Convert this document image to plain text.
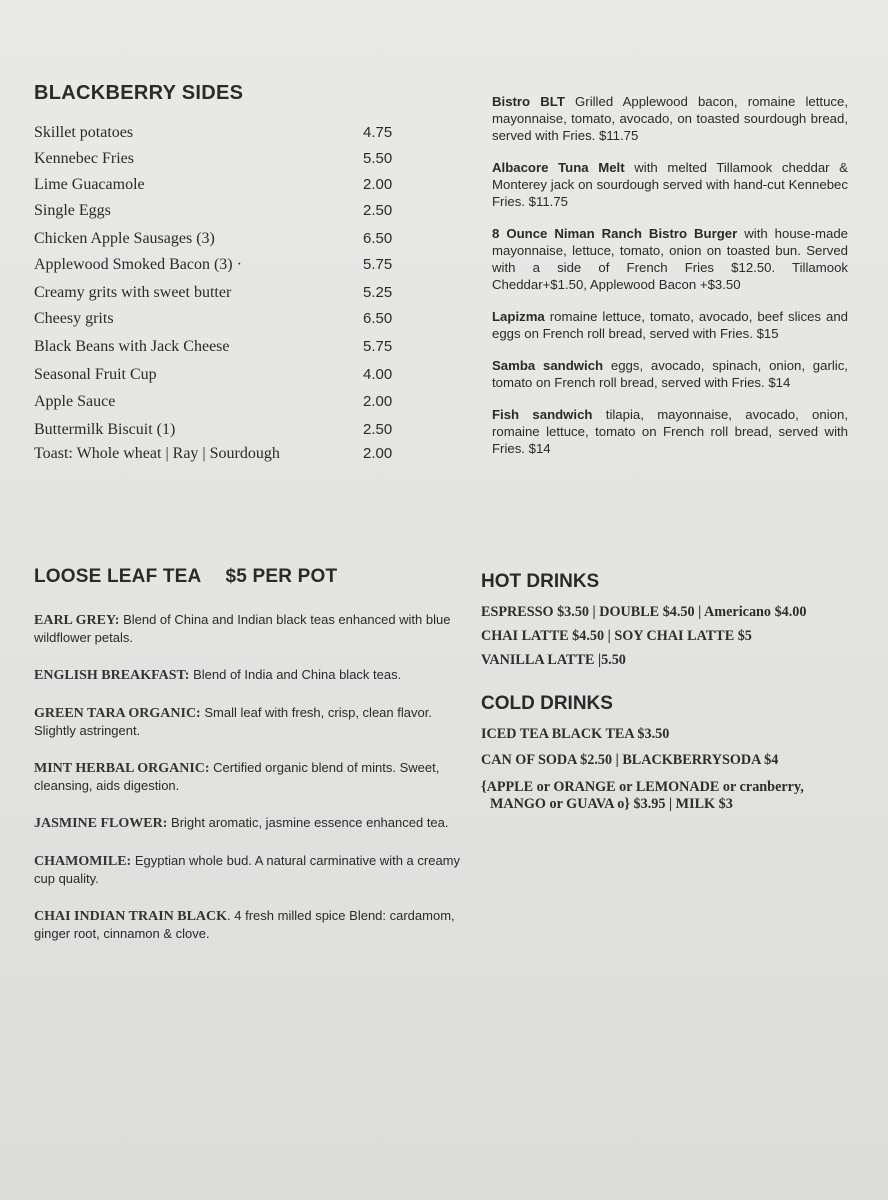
BLACKBERRY SIDES
Skillet potatoes	4.75
Kennebec Fries	5.50
Lime Guacamole	2.00
Single Eggs	2.50
Chicken Apple Sausages (3)	6.50
Applewood Smoked Bacon (3) ·	5.75
Creamy grits with sweet butter	5.25
Cheesy grits	6.50
Black Beans with Jack Cheese	5.75
Seasonal Fruit Cup	4.00
Apple Sauce	2.00
Buttermilk Biscuit (1)	2.50
Toast: Whole wheat | Ray | Sourdough	2.00
Bistro BLT Grilled Applewood bacon, romaine lettuce, mayonnaise, tomato, avocado, on toasted sourdough bread, served with Fries. $11.75
Albacore Tuna Melt with melted Tillamook cheddar & Monterey jack on sourdough served with hand-cut Kennebec Fries. $11.75
8 Ounce Niman Ranch Bistro Burger with house-made mayonnaise, lettuce, tomato, onion on toasted bun. Served with a side of French Fries $12.50. Tillamook Cheddar+$1.50, Applewood Bacon +$3.50
Lapizma romaine lettuce, tomato, avocado, beef slices and eggs on French roll bread, served with Fries. $15
Samba sandwich eggs, avocado, spinach, onion, garlic, tomato on French roll bread, served with Fries. $14
Fish sandwich tilapia, mayonnaise, avocado, onion, romaine lettuce, tomato on French roll bread, served with Fries. $14
LOOSE LEAF TEA $5 PER POT
EARL GREY: Blend of China and Indian black teas enhanced with blue wildflower petals.
ENGLISH BREAKFAST: Blend of India and China black teas.
GREEN TARA ORGANIC: Small leaf with fresh, crisp, clean flavor. Slightly astringent.
MINT HERBAL ORGANIC: Certified organic blend of mints. Sweet, cleansing, aids digestion.
JASMINE FLOWER: Bright aromatic, jasmine essence enhanced tea.
CHAMOMILE: Egyptian whole bud. A natural carminative with a creamy cup quality.
CHAI INDIAN TRAIN BLACK. 4 fresh milled spice Blend: cardamom, ginger root, cinnamon & clove.
HOT DRINKS
ESPRESSO $3.50 | DOUBLE $4.50 | Americano $4.00
CHAI LATTE $4.50 | SOY CHAI LATTE $5
VANILLA LATTE |5.50
COLD DRINKS
ICED TEA BLACK TEA $3.50
CAN OF SODA $2.50 | BLACKBERRYSODA $4
{APPLE or ORANGE or LEMONADE or cranberry,
MANGO or GUAVA o} $3.95 | MILK $3
